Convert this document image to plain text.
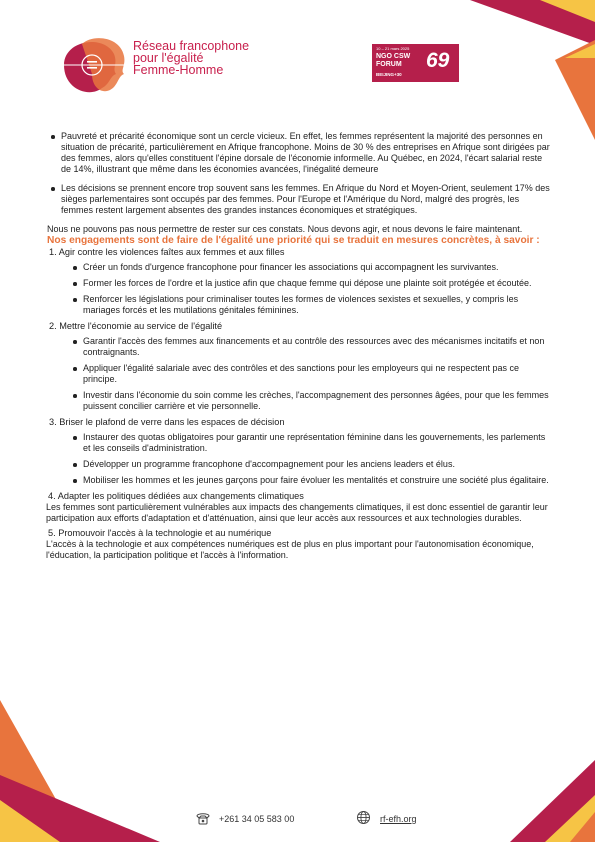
Réseau francophone
pour l'égalité
Femme-Homme
10 – 21 mars 2025
NGO CSW
FORUM 69
BEIJING+30
Pauvreté et précarité économique sont un cercle vicieux. En effet, les femmes représentent la majorité des personnes en situation de précarité, particulièrement en Afrique francophone. Moins de 30 % des entreprises en Afrique sont dirigées par des femmes, alors qu'elles constituent l'épine dorsale de l'économie informelle. Au Québec, en 2024, l'écart salarial reste de 14%, illustrant que même dans les économies avancées, l'inégalité demeure
Les décisions se prennent encore trop souvent sans les femmes. En Afrique du Nord et Moyen-Orient, seulement 17% des sièges parlementaires sont occupés par des femmes. Pour l'Europe et l'Amérique du Nord, malgré des progrès, les femmes restent largement absentes des grandes instances économiques et stratégiques.

Nous ne pouvons pas nous permettre de rester sur ces constats. Nous devons agir, et nous devons le faire maintenant.

Nos engagements sont de faire de l'égalité une priorité qui se traduit en mesures concrètes, à savoir :

1. Agir contre les violences faîtes aux femmes et aux filles
Créer un fonds d'urgence francophone pour financer les associations qui accompagnent les survivantes.
Former les forces de l'ordre et la justice afin que chaque femme qui dépose une plainte soit protégée et écoutée.
Renforcer les législations pour criminaliser toutes les formes de violences sexistes et sexuelles, y compris les mariages forcés et les mutilations génitales féminines.
2. Mettre l'économie au service de l'égalité
Garantir l'accès des femmes aux financements et au contrôle des ressources avec des mécanismes incitatifs et non contraignants.
Appliquer l'égalité salariale avec des contrôles et des sanctions pour les employeurs qui ne respectent pas ce principe.
Investir dans l'économie du soin comme les crèches, l'accompagnement des personnes âgées, pour que les femmes puissent concilier carrière et vie personnelle.
3. Briser le plafond de verre dans les espaces de décision
Instaurer des quotas obligatoires pour garantir une représentation féminine dans les gouvernements, les parlements et les conseils d'administration.
Développer un programme francophone d'accompagnement pour les anciens leaders et élus.
Mobiliser les hommes et les jeunes garçons pour faire évoluer les mentalités et construire une société plus égalitaire.
4. Adapter les politiques dédiées aux changements climatiques

Les femmes sont particulièrement vulnérables aux impacts des changements climatiques, il est donc essentiel de garantir leur participation aux efforts d'adaptation et d'atténuation, ainsi que leur accès aux ressources et aux technologies durables.

5. Promouvoir l'accès à la technologie et au numérique

L'accès à la technologie et aux compétences numériques est de plus en plus important pour l'autonomisation économique, l'éducation, la participation politique et l'accès à l'information.

+261 34 05 583 00	rf-efh.org
